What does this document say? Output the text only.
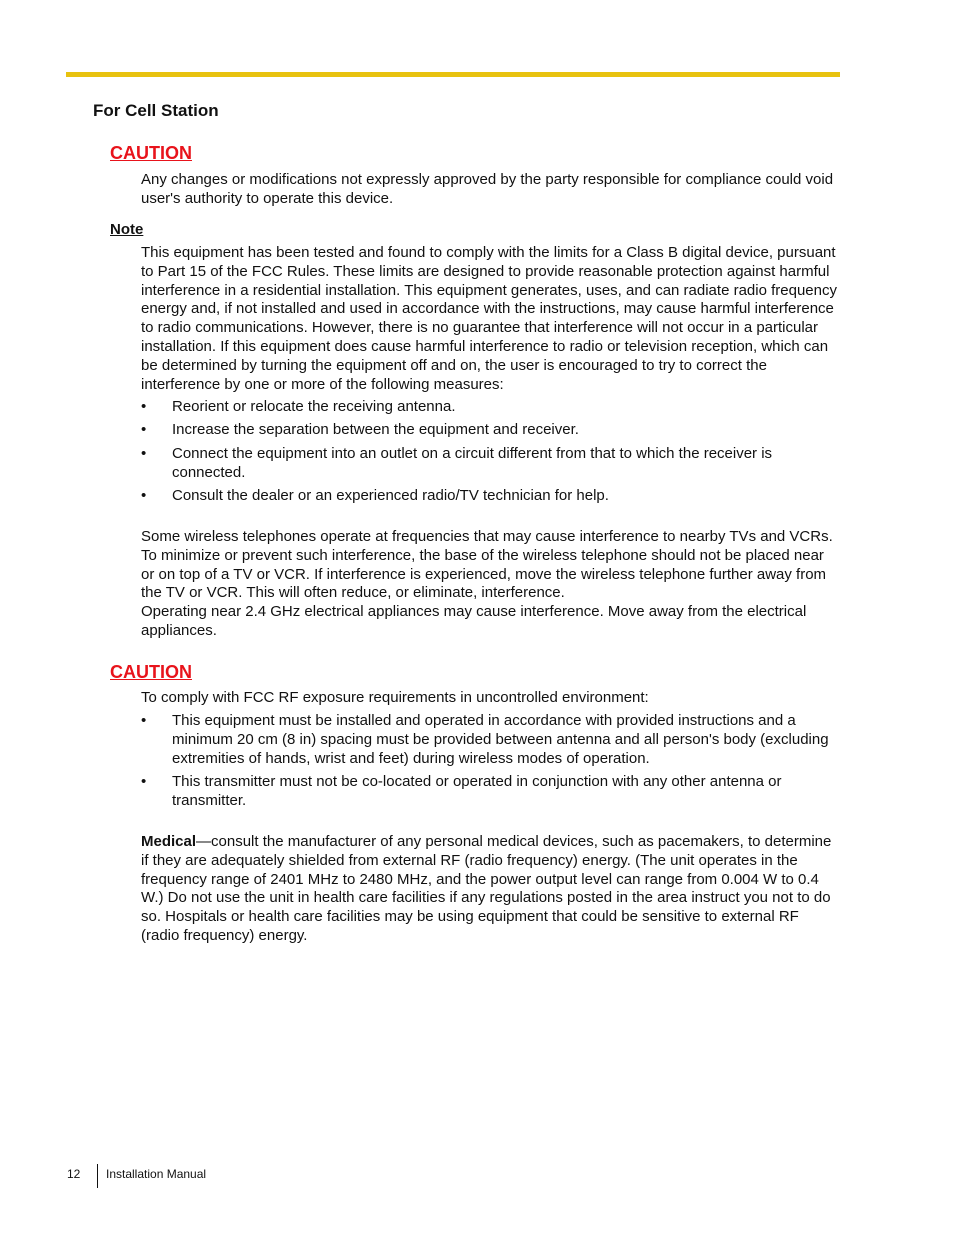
For Cell Station
CAUTION

Any changes or modifications not expressly approved by the party responsible for compliance could void user's authority to operate this device.

Note

This equipment has been tested and found to comply with the limits for a Class B digital device, pursuant to Part 15 of the FCC Rules. These limits are designed to provide reasonable protection against harmful interference in a residential installation. This equipment generates, uses, and can radiate radio frequency energy and, if not installed and used in accordance with the instructions, may cause harmful interference to radio communications. However, there is no guarantee that interference will not occur in a particular installation. If this equipment does cause harmful interference to radio or television reception, which can be determined by turning the equipment off and on, the user is encouraged to try to correct the interference by one or more of the following measures:

• Reorient or relocate the receiving antenna.
• Increase the separation between the equipment and receiver.
• Connect the equipment into an outlet on a circuit different from that to which the receiver is connected.
• Consult the dealer or an experienced radio/TV technician for help.

Some wireless telephones operate at frequencies that may cause interference to nearby TVs and VCRs. To minimize or prevent such interference, the base of the wireless telephone should not be placed near or on top of a TV or VCR. If interference is experienced, move the wireless telephone further away from the TV or VCR. This will often reduce, or eliminate, interference.

Operating near 2.4 GHz electrical appliances may cause interference. Move away from the electrical appliances.

CAUTION

To comply with FCC RF exposure requirements in uncontrolled environment:

• This equipment must be installed and operated in accordance with provided instructions and a minimum 20 cm (8 in) spacing must be provided between antenna and all person's body (excluding extremities of hands, wrist and feet) during wireless modes of operation.
• This transmitter must not be co-located or operated in conjunction with any other antenna or transmitter.

Medical—consult the manufacturer of any personal medical devices, such as pacemakers, to determine if they are adequately shielded from external RF (radio frequency) energy. (The unit operates in the frequency range of 2401 MHz to 2480 MHz, and the power output level can range from 0.004 W to 0.4 W.) Do not use the unit in health care facilities if any regulations posted in the area instruct you not to do so. Hospitals or health care facilities may be using equipment that could be sensitive to external RF (radio frequency) energy.

12 Installation Manual
